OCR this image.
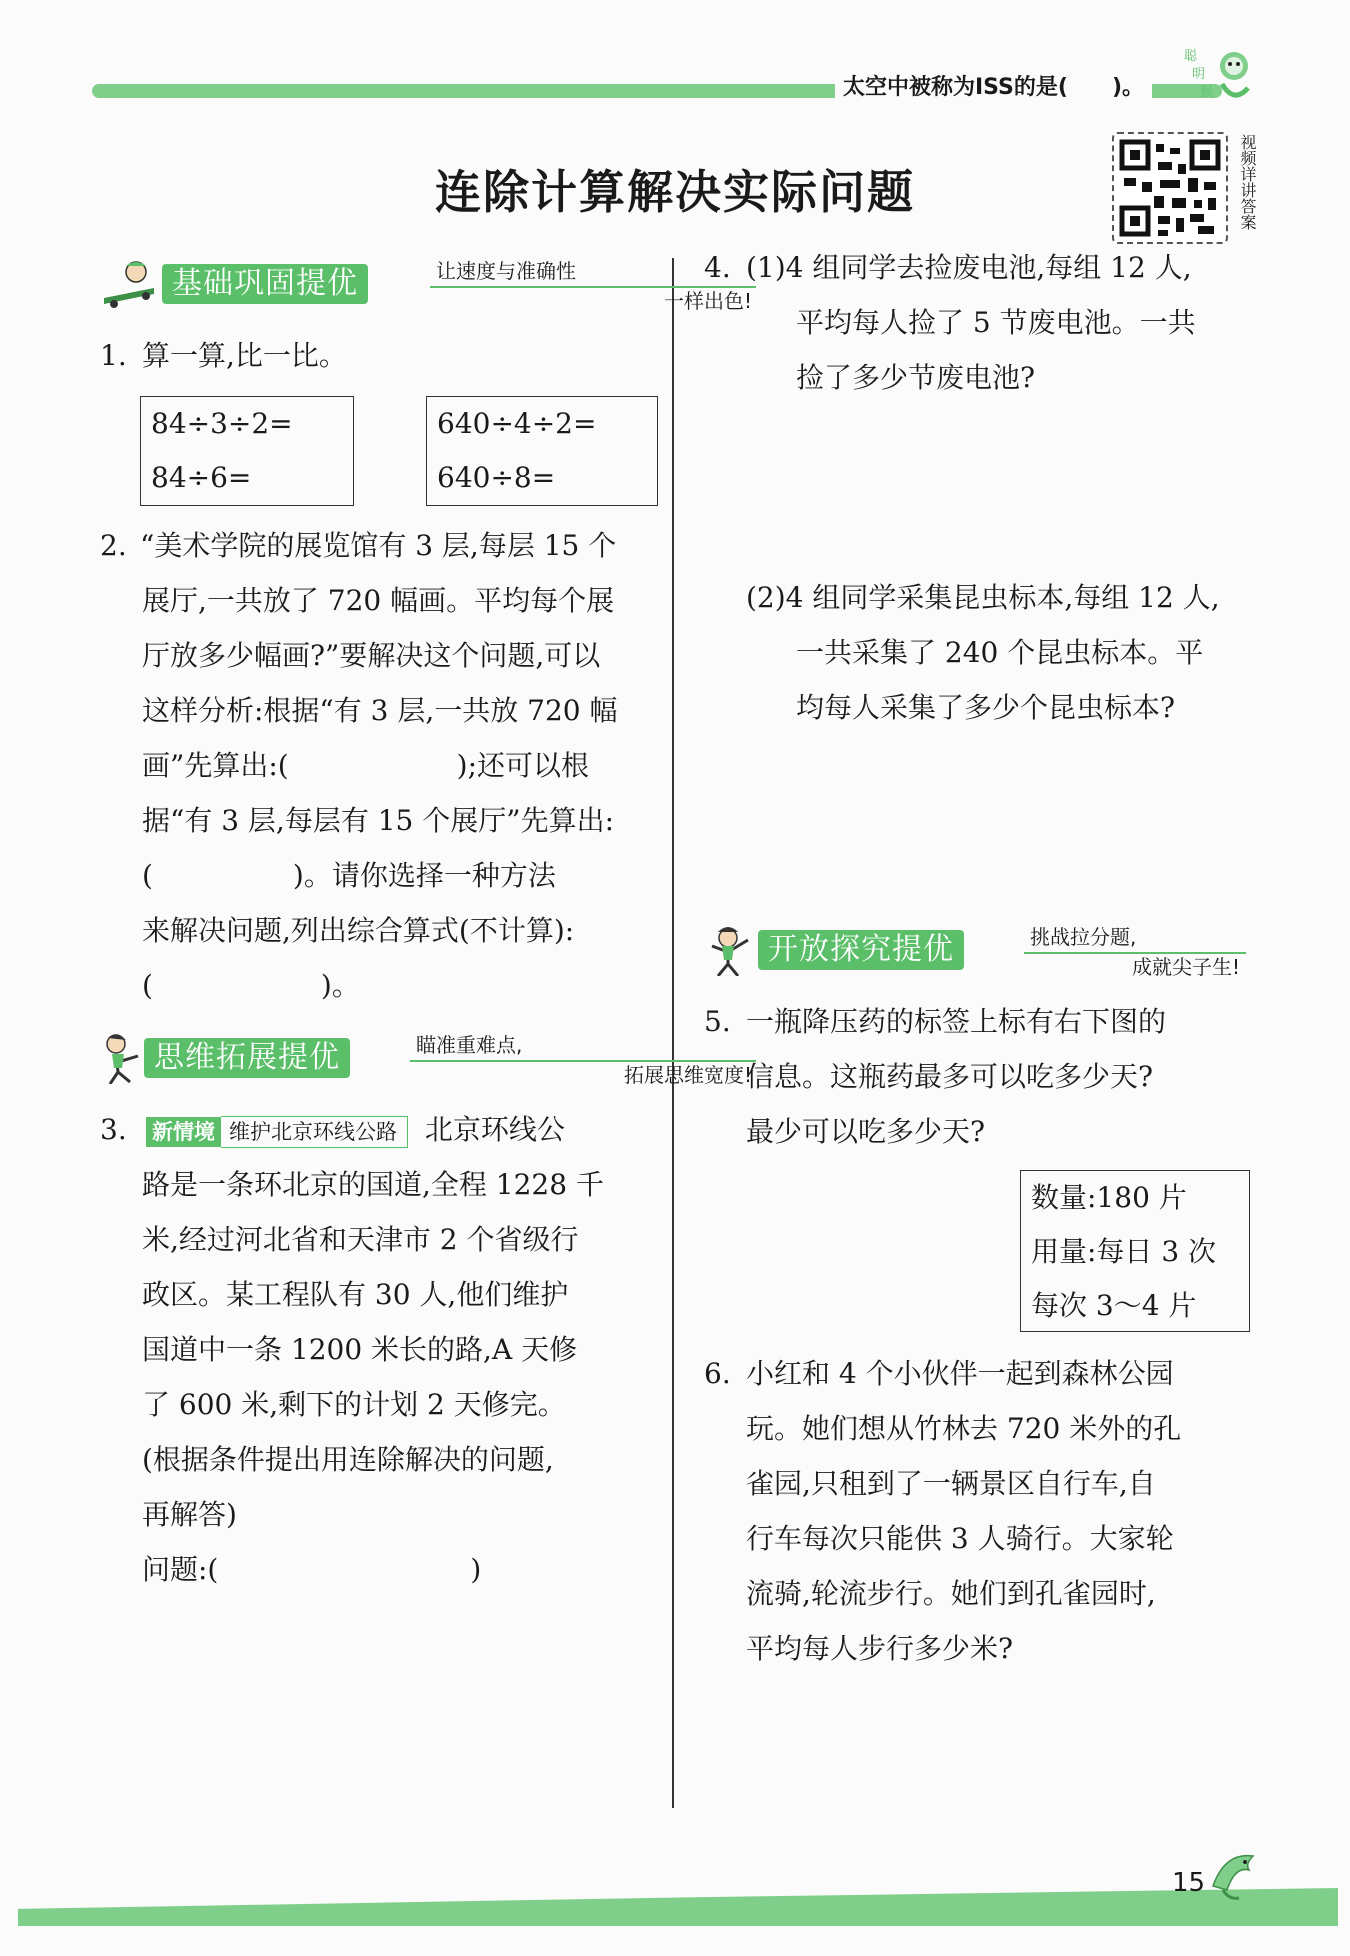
太空中被称为ISS的是(　　)。
聪
明
猴
连除计算解决实际问题	视频详讲答案
基础巩固提优	让速度与准确性
一样出色!
1. 算一算,比一比。
84÷3÷2=
84÷6=
640÷4÷2=
640÷8=
2. “美术学院的展览馆有 3 层,每层 15 个
展厅,一共放了 720 幅画。平均每个展
厅放多少幅画?”要解决这个问题,可以
这样分析:根据“有 3 层,一共放 720 幅
画”先算出:(　　　　　　);还可以根
据“有 3 层,每层有 15 个展厅”先算出:
(　　　　　)。请你选择一种方法
来解决问题,列出综合算式(不计算):
(　　　　　　)。
思维拓展提优	瞄准重难点,
拓展思维宽度!
3. 新情境 维护北京环线公路 北京环线公
路是一条环北京的国道,全程 1228 千
米,经过河北省和天津市 2 个省级行
政区。某工程队有 30 人,他们维护
国道中一条 1200 米长的路,A 天修
了 600 米,剩下的计划 2 天修完。
(根据条件提出用连除解决的问题,
再解答)
问题:(　　　　　　　　　)
4. (1)4 组同学去捡废电池,每组 12 人,
平均每人捡了 5 节废电池。一共
捡了多少节废电池?
(2)4 组同学采集昆虫标本,每组 12 人,
一共采集了 240 个昆虫标本。平
均每人采集了多少个昆虫标本?
开放探究提优	挑战拉分题,
成就尖子生!
5. 一瓶降压药的标签上标有右下图的
信息。这瓶药最多可以吃多少天?
最少可以吃多少天?
数量:180 片
用量:每日 3 次
每次 3～4 片
6. 小红和 4 个小伙伴一起到森林公园
玩。她们想从竹林去 720 米外的孔
雀园,只租到了一辆景区自行车,自
行车每次只能供 3 人骑行。大家轮
流骑,轮流步行。她们到孔雀园时,
平均每人步行多少米?
15
